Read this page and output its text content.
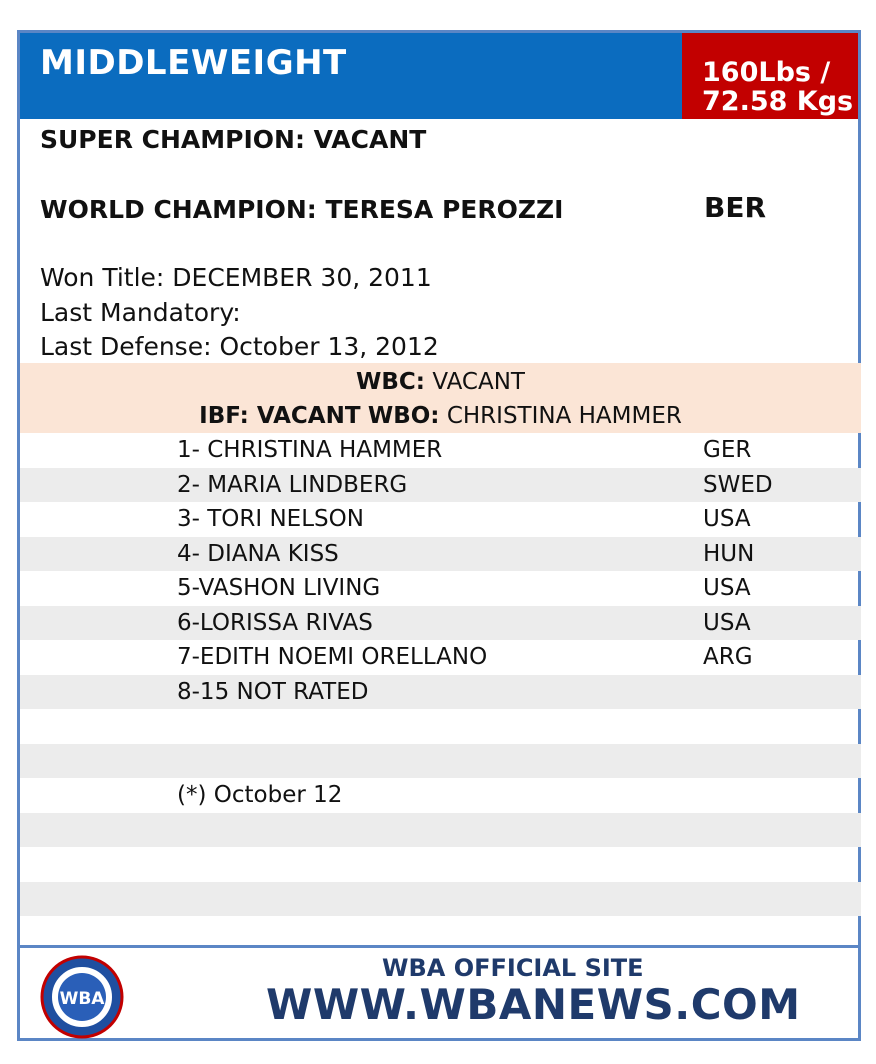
MIDDLEWEIGHT	160Lbs /
72.58 Kgs
SUPER CHAMPION: VACANT
WORLD CHAMPION: TERESA PEROZZI	BER
Won Title: DECEMBER 30, 2011
Last Mandatory:
Last Defense: October 13, 2012
WBC: VACANT
IBF: VACANT WBO: CHRISTINA HAMMER
1- CHRISTINA HAMMER	GER
2- MARIA LINDBERG	SWED
3- TORI NELSON	USA
4- DIANA KISS	HUN
5-VASHON LIVING	USA
6-LORISSA RIVAS	USA
7-EDITH NOEMI ORELLANO	ARG
8-15 NOT RATED
(*) October 12
WBA
WBA OFFICIAL SITE
WWW.WBANEWS.COM
